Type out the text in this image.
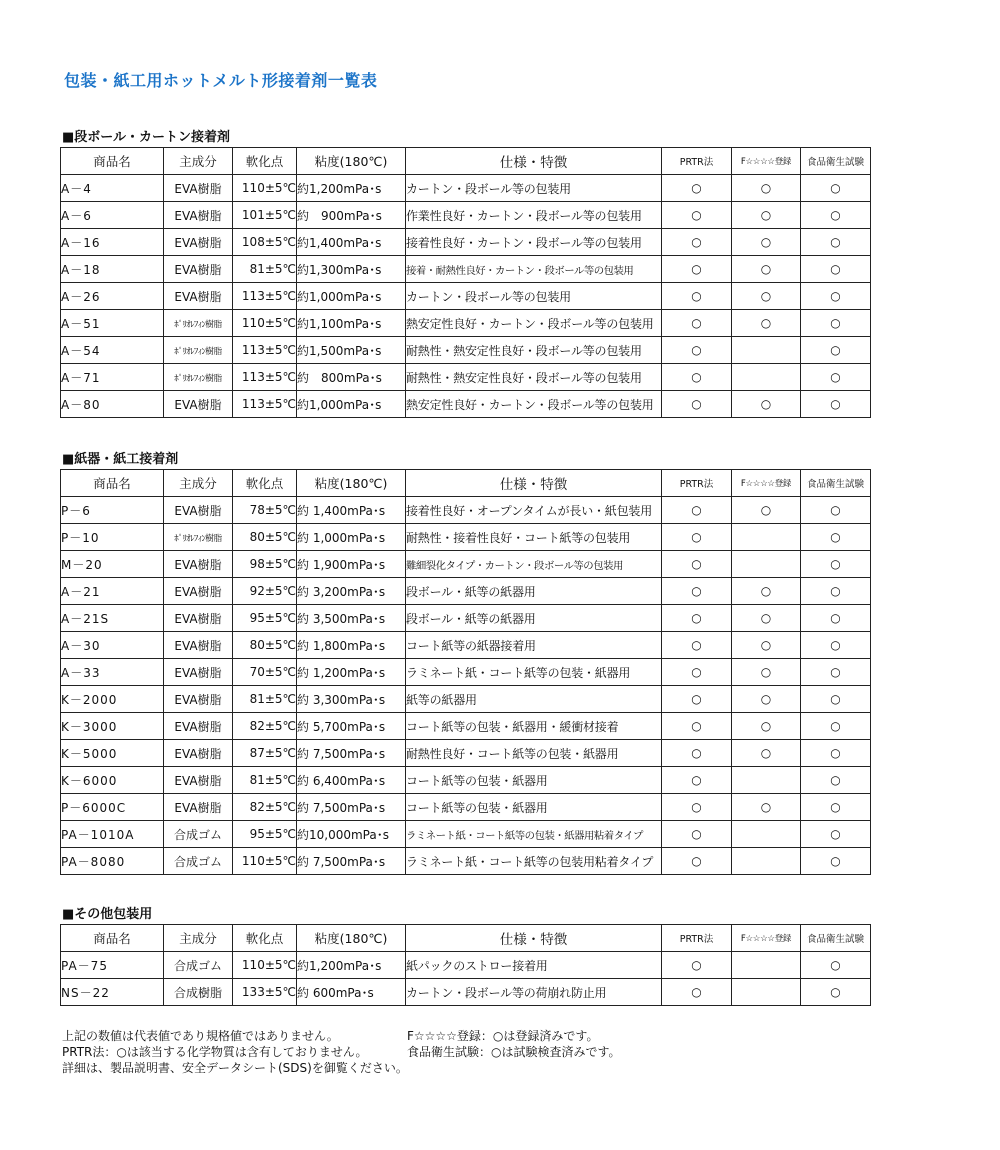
包装・紙工用ホットメルト形接着剤一覧表
■段ボール・カートン接着剤
商品名	主成分	軟化点	粘度(180℃)	仕様・特徴	PRTR法	F☆☆☆☆登録	食品衛生試験
A－4	EVA樹脂	110±5℃	約1,200mPa･s	カートン・段ボール等の包装用	○	○	○
A－6	EVA樹脂	101±5℃	約　900mPa･s	作業性良好・カートン・段ボール等の包装用	○	○	○
A－16	EVA樹脂	108±5℃	約1,400mPa･s	接着性良好・カートン・段ボール等の包装用	○	○	○
A－18	EVA樹脂	81±5℃	約1,300mPa･s	接着・耐熱性良好・カートン・段ボール等の包装用	○	○	○
A－26	EVA樹脂	113±5℃	約1,000mPa･s	カートン・段ボール等の包装用	○	○	○
A－51	ﾎﾟﾘｵﾚﾌｨﾝ樹脂	110±5℃	約1,100mPa･s	熱安定性良好・カートン・段ボール等の包装用	○	○	○
A－54	ﾎﾟﾘｵﾚﾌｨﾝ樹脂	113±5℃	約1,500mPa･s	耐熱性・熱安定性良好・段ボール等の包装用	○		○
A－71	ﾎﾟﾘｵﾚﾌｨﾝ樹脂	113±5℃	約　800mPa･s	耐熱性・熱安定性良好・段ボール等の包装用	○		○
A－80	EVA樹脂	113±5℃	約1,000mPa･s	熱安定性良好・カートン・段ボール等の包装用	○	○	○
■紙器・紙工接着剤
商品名	主成分	軟化点	粘度(180℃)	仕様・特徴	PRTR法	F☆☆☆☆登録	食品衛生試験
P－6	EVA樹脂	78±5℃	約 1,400mPa･s	接着性良好・オープンタイムが長い・紙包装用	○	○	○
P－10	ﾎﾟﾘｵﾚﾌｨﾝ樹脂	80±5℃	約 1,000mPa･s	耐熱性・接着性良好・コート紙等の包装用	○		○
M－20	EVA樹脂	98±5℃	約 1,900mPa･s	難細裂化タイプ・カートン・段ボール等の包装用	○		○
A－21	EVA樹脂	92±5℃	約 3,200mPa･s	段ボール・紙等の紙器用	○	○	○
A－21S	EVA樹脂	95±5℃	約 3,500mPa･s	段ボール・紙等の紙器用	○	○	○
A－30	EVA樹脂	80±5℃	約 1,800mPa･s	コート紙等の紙器接着用	○	○	○
A－33	EVA樹脂	70±5℃	約 1,200mPa･s	ラミネート紙・コート紙等の包装・紙器用	○	○	○
K－2000	EVA樹脂	81±5℃	約 3,300mPa･s	紙等の紙器用	○	○	○
K－3000	EVA樹脂	82±5℃	約 5,700mPa･s	コート紙等の包装・紙器用・緩衝材接着	○	○	○
K－5000	EVA樹脂	87±5℃	約 7,500mPa･s	耐熱性良好・コート紙等の包装・紙器用	○	○	○
K－6000	EVA樹脂	81±5℃	約 6,400mPa･s	コート紙等の包装・紙器用	○		○
P－6000C	EVA樹脂	82±5℃	約 7,500mPa･s	コート紙等の包装・紙器用	○	○	○
PA－1010A	合成ゴム	95±5℃	約10,000mPa･s	ラミネート紙・コート紙等の包装・紙器用粘着タイプ	○		○
PA－8080	合成ゴム	110±5℃	約 7,500mPa･s	ラミネート紙・コート紙等の包装用粘着タイプ	○		○
■その他包装用
商品名	主成分	軟化点	粘度(180℃)	仕様・特徴	PRTR法	F☆☆☆☆登録	食品衛生試験
PA－75	合成ゴム	110±5℃	約1,200mPa･s	紙パックのストロー接着用	○		○
NS－22	合成樹脂	133±5℃	約 600mPa･s	カートン・段ボール等の荷崩れ防止用	○		○
上記の数値は代表値であり規格値ではありません。
PRTR法：○は該当する化学物質は含有しておりません。
詳細は、製品説明書、安全データシート(SDS)を御覧ください。
F☆☆☆☆登録：○は登録済みです。
食品衛生試験：○は試験検査済みです。
